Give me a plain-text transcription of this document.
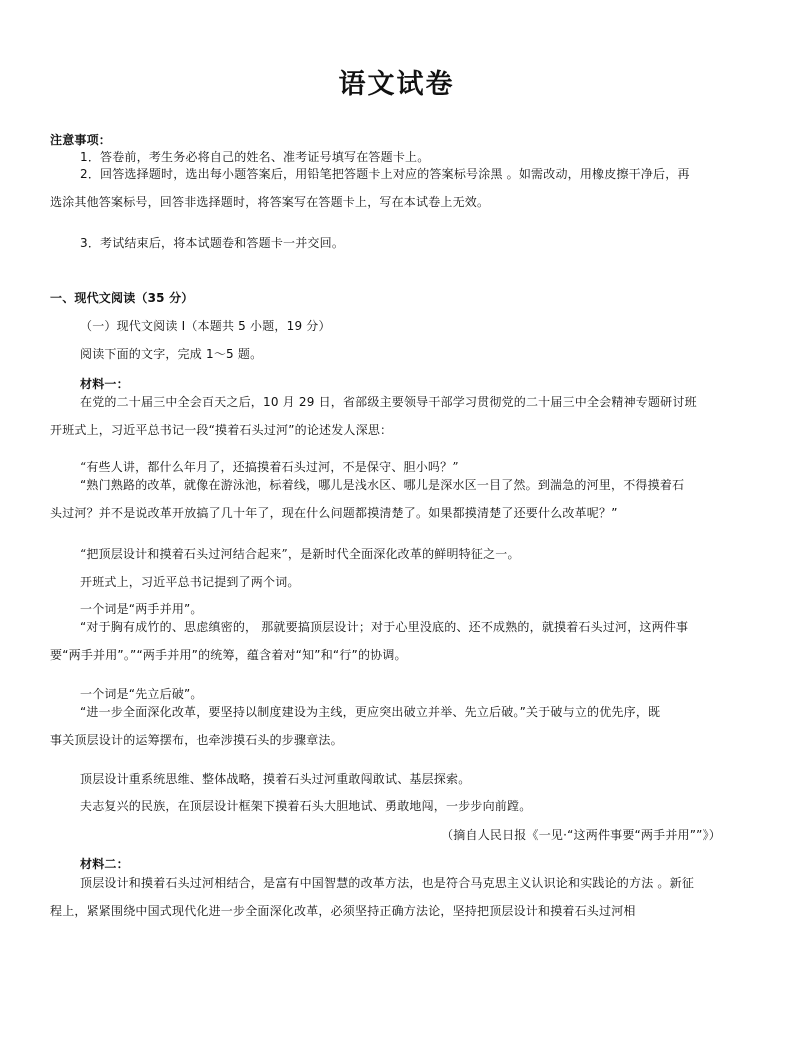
语文试卷
注意事项：
1．答卷前，考生务必将自己的姓名、准考证号填写在答题卡上。
2．回答选择题时，选出每小题答案后，用铅笔把答题卡上对应的答案标号涂黑 。如需改动，用橡皮擦干净后，再
选涂其他答案标号，回答非选择题时，将答案写在答题卡上，写在本试卷上无效。
3．考试结束后，将本试题卷和答题卡一并交回。
一、现代文阅读（35 分）
（一）现代文阅读 I（本题共 5 小题，19 分）
阅读下面的文字，完成 1～5 题。
材料一：
在党的二十届三中全会百天之后，10 月 29 日，省部级主要领导干部学习贯彻党的二十届三中全会精神专题研讨班
开班式上，习近平总书记一段“摸着石头过河”的论述发人深思：
“有些人讲，都什么年月了，还搞摸着石头过河，不是保守、胆小吗？”
“熟门熟路的改革，就像在游泳池，标着线，哪儿是浅水区、哪儿是深水区一目了然。到湍急的河里，不得摸着石
头过河？并不是说改革开放搞了几十年了，现在什么问题都摸清楚了。如果都摸清楚了还要什么改革呢？”
“把顶层设计和摸着石头过河结合起来”，是新时代全面深化改革的鲜明特征之一。
开班式上，习近平总书记提到了两个词。
一个词是“两手并用”。
“对于胸有成竹的、思虑缜密的， 那就要搞顶层设计；对于心里没底的、还不成熟的，就摸着石头过河，这两件事
要“两手并用”。”“两手并用”的统筹，蕴含着对“知”和“行”的协调。
一个词是“先立后破”。
“进一步全面深化改革，要坚持以制度建设为主线，更应突出破立并举、先立后破。”关于破与立的优先序，既
事关顶层设计的运筹摆布，也牵涉摸石头的步骤章法。
顶层设计重系统思维、整体战略，摸着石头过河重敢闯敢试、基层探索。
夫志复兴的民族，在顶层设计框架下摸着石头大胆地试、勇敢地闯，一步步向前蹚。
（摘自人民日报《一见·“这两件事要“两手并用””》）
材料二：
顶层设计和摸着石头过河相结合，是富有中国智慧的改革方法，也是符合马克思主义认识论和实践论的方法 。新征
程上，紧紧围绕中国式现代化进一步全面深化改革，必须坚持正确方法论，坚持把顶层设计和摸着石头过河相
